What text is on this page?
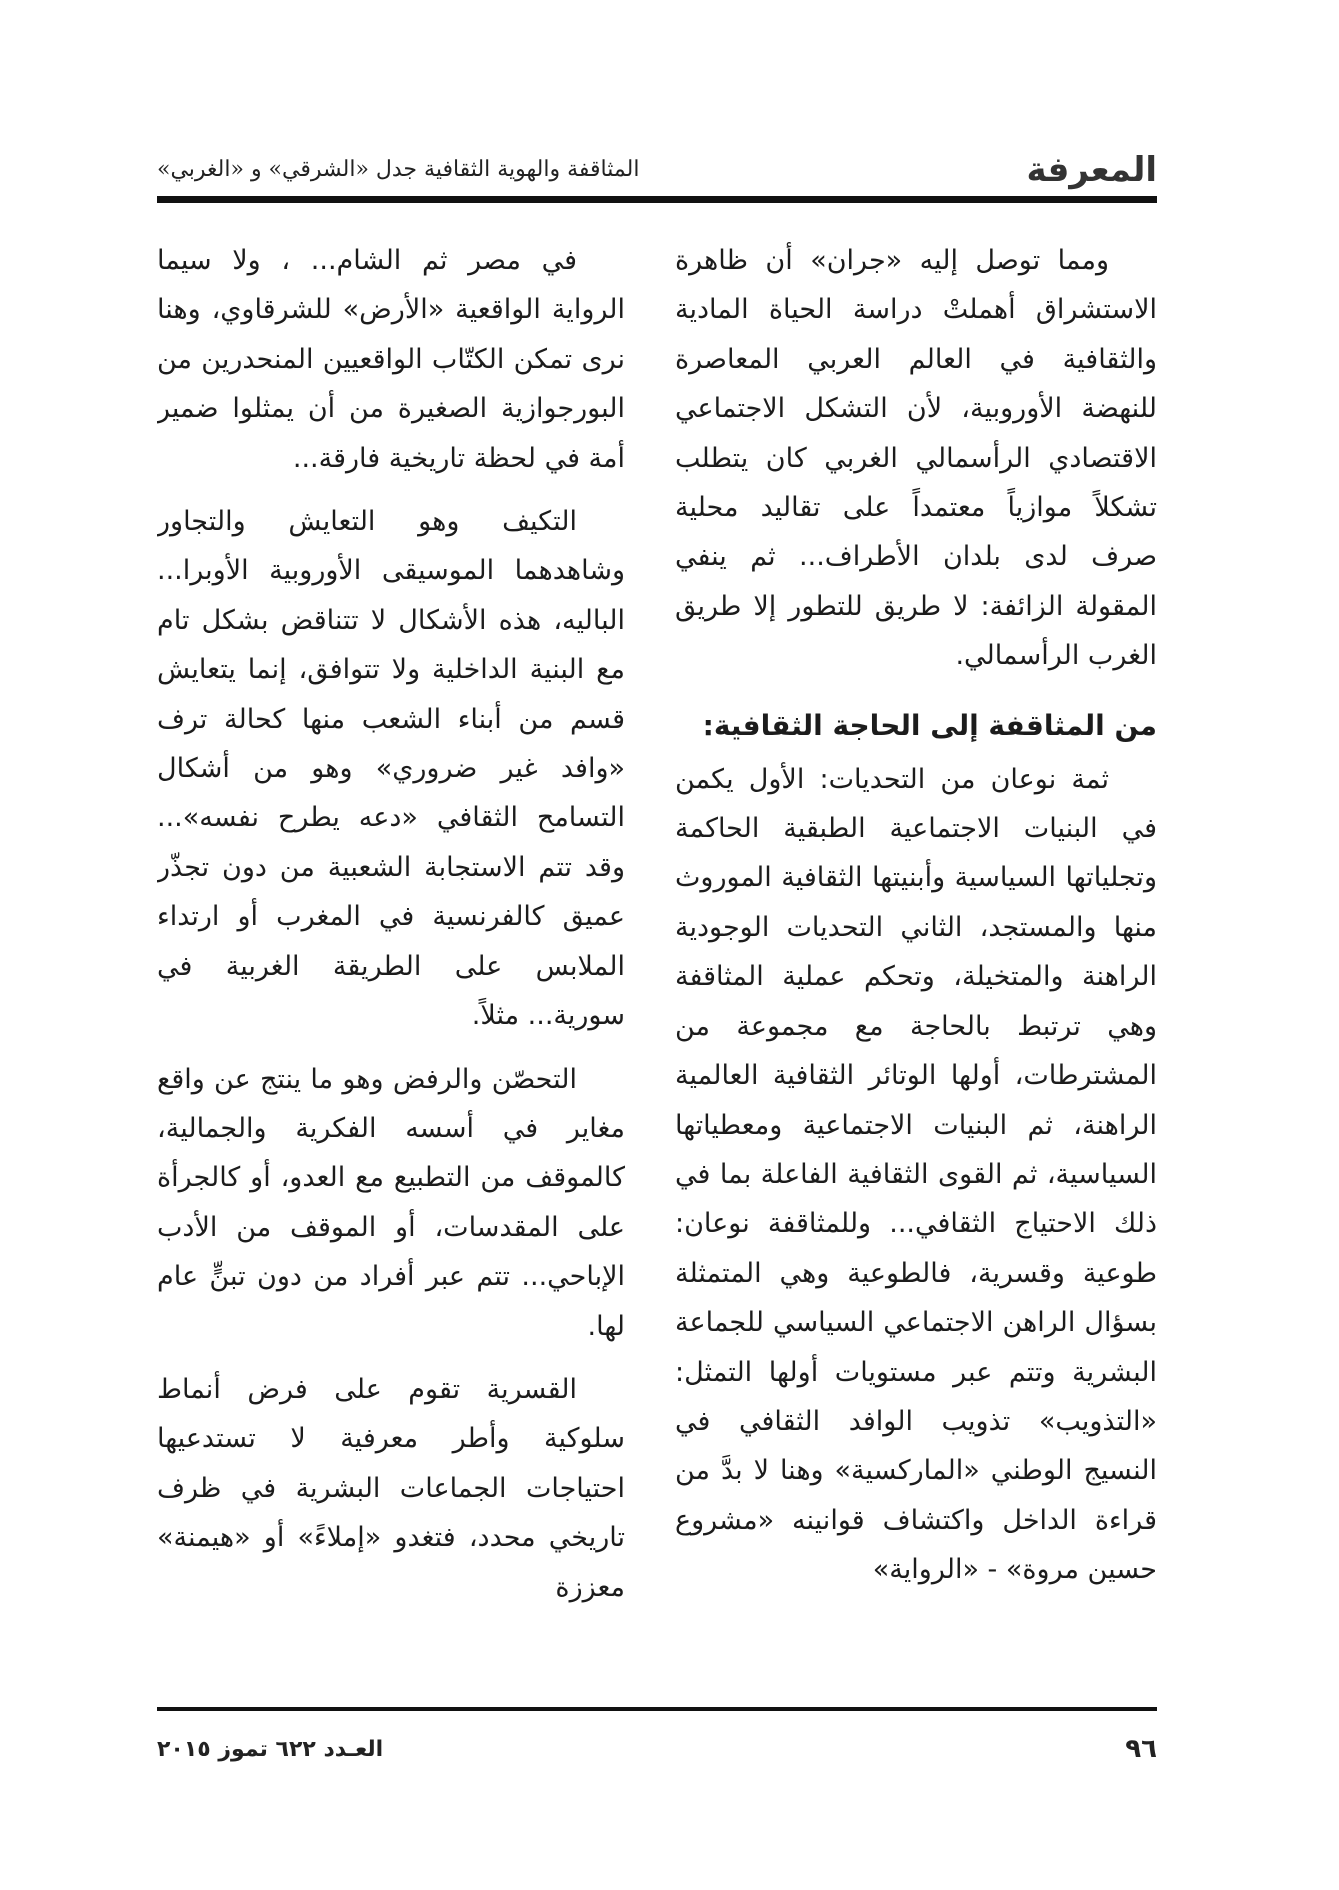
المعرفة
المثاقفة والهوية الثقافية جدل «الشرقي» و «الغربي»

ومما توصل إليه «جران» أن ظاهرة الاستشراق أهملتْ دراسة الحياة المادية والثقافية في العالم العربي المعاصرة للنهضة الأوروبية، لأن التشكل الاجتماعي الاقتصادي الرأسمالي الغربي كان يتطلب تشكلاً موازياً معتمداً على تقاليد محلية صرف لدى بلدان الأطراف... ثم ينفي المقولة الزائفة: لا طريق للتطور إلا طريق الغرب الرأسمالي.

من المثاقفة إلى الحاجة الثقافية:

ثمة نوعان من التحديات: الأول يكمن في البنيات الاجتماعية الطبقية الحاكمة وتجلياتها السياسية وأبنيتها الثقافية الموروث منها والمستجد، الثاني التحديات الوجودية الراهنة والمتخيلة، وتحكم عملية المثاقفة وهي ترتبط بالحاجة مع مجموعة من المشترطات، أولها الوتائر الثقافية العالمية الراهنة، ثم البنيات الاجتماعية ومعطياتها السياسية، ثم القوى الثقافية الفاعلة بما في ذلك الاحتياج الثقافي... وللمثاقفة نوعان: طوعية وقسرية، فالطوعية وهي المتمثلة بسؤال الراهن الاجتماعي السياسي للجماعة البشرية وتتم عبر مستويات أولها التمثل: «التذويب» تذويب الوافد الثقافي في النسيج الوطني «الماركسية» وهنا لا بدَّ من قراءة الداخل واكتشاف قوانينه «مشروع حسين مروة» - «الرواية»

في مصر ثم الشام... ، ولا سيما الرواية الواقعية «الأرض» للشرقاوي، وهنا نرى تمكن الكتّاب الواقعيين المنحدرين من البورجوازية الصغيرة من أن يمثلوا ضمير أمة في لحظة تاريخية فارقة...

التكيف وهو التعايش والتجاور وشاهدهما الموسيقى الأوروبية الأوبرا... الباليه، هذه الأشكال لا تتناقض بشكل تام مع البنية الداخلية ولا تتوافق، إنما يتعايش قسم من أبناء الشعب منها كحالة ترف «وافد غير ضروري» وهو من أشكال التسامح الثقافي «دعه يطرح نفسه»... وقد تتم الاستجابة الشعبية من دون تجذّر عميق كالفرنسية في المغرب أو ارتداء الملابس على الطريقة الغربية في سورية... مثلاً.

التحصّن والرفض وهو ما ينتج عن واقع مغاير في أسسه الفكرية والجمالية، كالموقف من التطبيع مع العدو، أو كالجرأة على المقدسات، أو الموقف من الأدب الإباحي... تتم عبر أفراد من دون تبنٍّ عام لها.

القسرية تقوم على فرض أنماط سلوكية وأطر معرفية لا تستدعيها احتياجات الجماعات البشرية في ظرف تاريخي محدد، فتغدو «إملاءً» أو «هيمنة» معززة

٩٦
العـدد ٦٢٢ تموز ٢٠١٥
